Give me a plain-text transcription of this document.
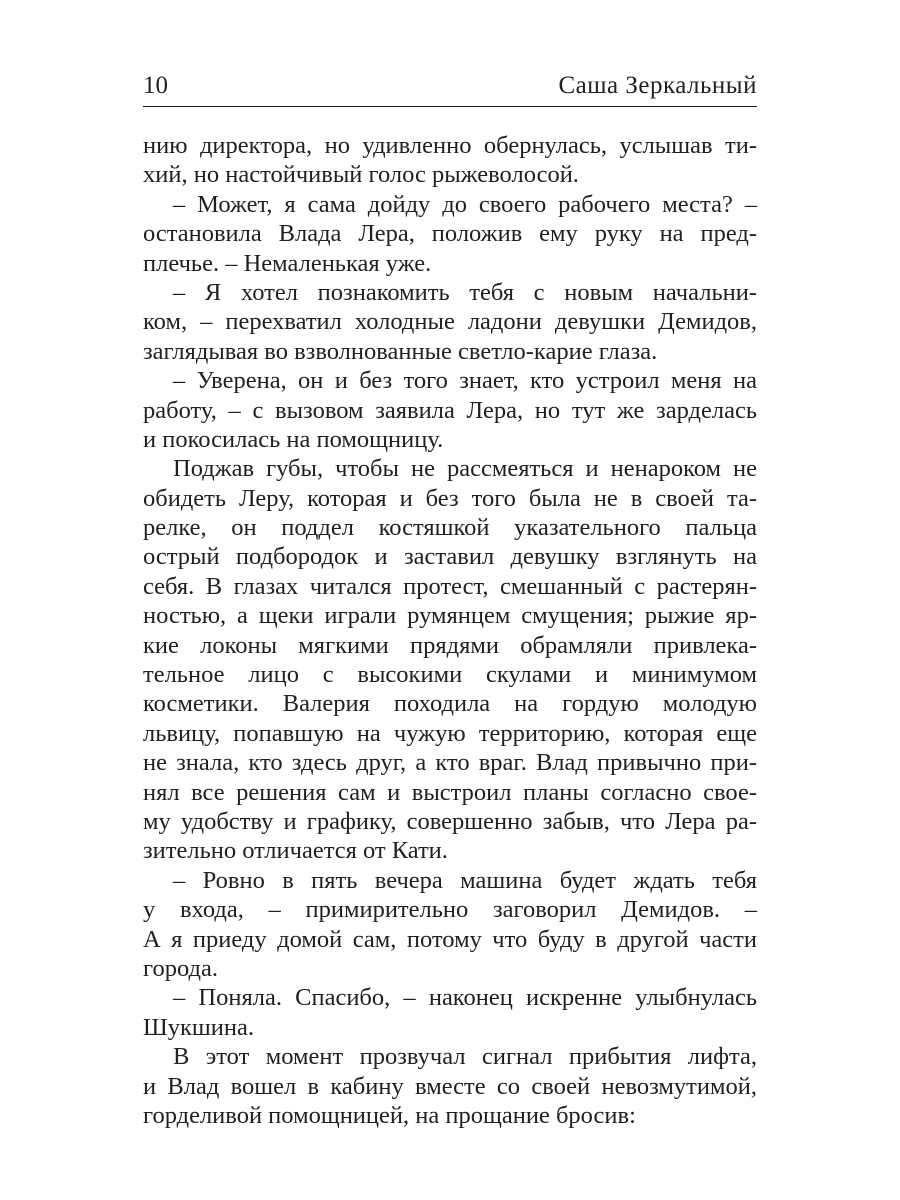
10	Саша Зеркальный
нию директора, но удивленно обернулась, услышав ти-
хий, но настойчивый голос рыжеволосой.
– Может, я сама дойду до своего рабочего места? –
остановила Влада Лера, положив ему руку на пред-
плечье. – Немаленькая уже.
– Я хотел познакомить тебя с новым начальни-
ком, – перехватил холодные ладони девушки Демидов,
заглядывая во взволнованные светло-карие глаза.
– Уверена, он и без того знает, кто устроил меня на
работу, – с вызовом заявила Лера, но тут же зарделась
и покосилась на помощницу.
Поджав губы, чтобы не рассмеяться и ненароком не
обидеть Леру, которая и без того была не в своей та-
релке, он поддел костяшкой указательного пальца
острый подбородок и заставил девушку взглянуть на
себя. В глазах читался протест, смешанный с растерян-
ностью, а щеки играли румянцем смущения; рыжие яр-
кие локоны мягкими прядями обрамляли привлека-
тельное лицо с высокими скулами и минимумом
косметики. Валерия походила на гордую молодую
львицу, попавшую на чужую территорию, которая еще
не знала, кто здесь друг, а кто враг. Влад привычно при-
нял все решения сам и выстроил планы согласно свое-
му удобству и графику, совершенно забыв, что Лера ра-
зительно отличается от Кати.
– Ровно в пять вечера машина будет ждать тебя
у входа, – примирительно заговорил Демидов. –
А я приеду домой сам, потому что буду в другой части
города.
– Поняла. Спасибо, – наконец искренне улыбнулась
Шукшина.
В этот момент прозвучал сигнал прибытия лифта,
и Влад вошел в кабину вместе со своей невозмутимой,
горделивой помощницей, на прощание бросив:
